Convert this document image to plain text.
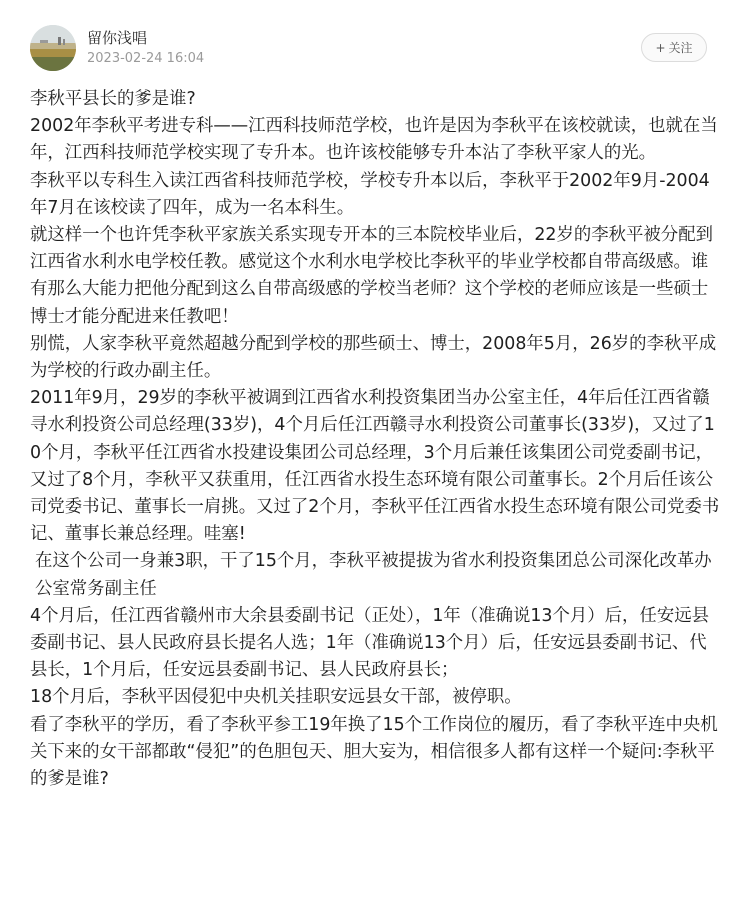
留你浅唱
2023-02-24 16:04
+ 关注

李秋平县长的爹是谁?

2002年李秋平考进专科——江西科技师范学校，也许是因为李秋平在该校就读，也就在当年，江西科技师范学校实现了专升本。也许该校能够专升本沾了李秋平家人的光。

李秋平以专科生入读江西省科技师范学校，学校专升本以后，李秋平于2002年9月-2004年7月在该校读了四年，成为一名本科生。

就这样一个也许凭李秋平家族关系实现专开本的三本院校毕业后，22岁的李秋平被分配到江西省水利水电学校任教。感觉这个水利水电学校比李秋平的毕业学校都自带高级感。谁有那么大能力把他分配到这么自带高级感的学校当老师？这个学校的老师应该是一些硕士博士才能分配进来任教吧！

别慌，人家李秋平竟然超越分配到学校的那些硕士、博士，2008年5月，26岁的李秋平成为学校的行政办副主任。

2011年9月，29岁的李秋平被调到江西省水利投资集团当办公室主任，4年后任江西省赣寻水利投资公司总经理(33岁)，4个月后任江西赣寻水利投资公司董事长(33岁)，又过了10个月，李秋平任江西省水投建设集团公司总经理，3个月后兼任该集团公司党委副书记，又过了8个月，李秋平又获重用，任江西省水投生态环境有限公司董事长。2个月后任该公司党委书记、董事长一肩挑。又过了2个月，李秋平任江西省水投生态环境有限公司党委书记、董事长兼总经理。哇塞!

在这个公司一身兼3职，干了15个月，李秋平被提拔为省水利投资集团总公司深化改革办公室常务副主任

4个月后，任江西省赣州市大余县委副书记（正处），1年（准确说13个月）后，任安远县委副书记、县人民政府县长提名人选；1年（准确说13个月）后，任安远县委副书记、代县长，1个月后，任安远县委副书记、县人民政府县长；

18个月后，李秋平因侵犯中央机关挂职安远县女干部，被停职。

看了李秋平的学历，看了李秋平参工19年换了15个工作岗位的履历，看了李秋平连中央机关下来的女干部都敢“侵犯”的色胆包天、胆大妄为，相信很多人都有这样一个疑问:李秋平的爹是谁?
